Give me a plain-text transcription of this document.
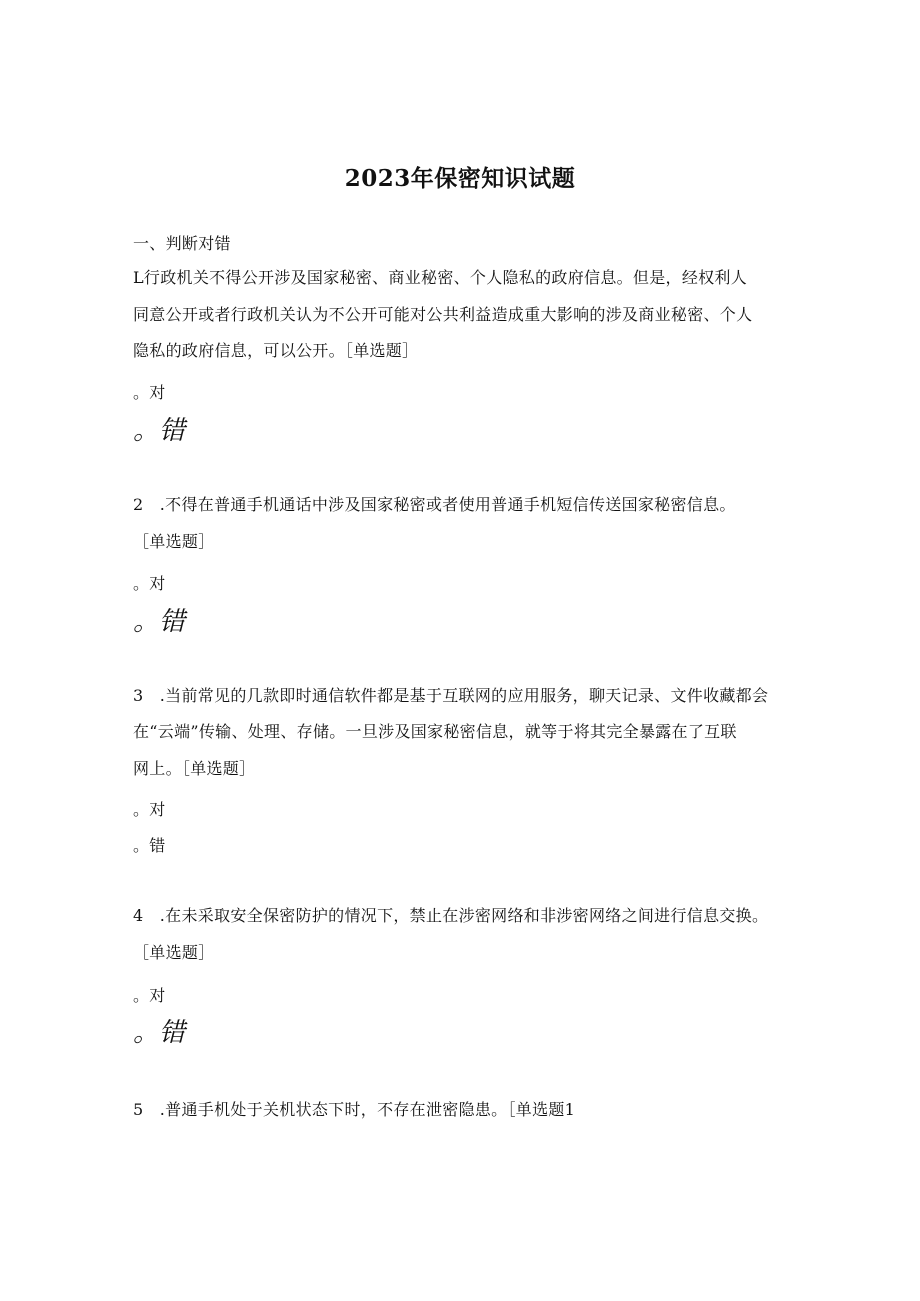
2023年保密知识试题
一、判断对错
L行政机关不得公开涉及国家秘密、商业秘密、个人隐私的政府信息。但是，经权利人
同意公开或者行政机关认为不公开可能对公共利益造成重大影响的涉及商业秘密、个人
隐私的政府信息，可以公开。［单选题］
。对
。错
2　.不得在普通手机通话中涉及国家秘密或者使用普通手机短信传送国家秘密信息。
［单选题］
。对
。错
3　.当前常见的几款即时通信软件都是基于互联网的应用服务，聊天记录、文件收藏都会
在“云端”传输、处理、存储。一旦涉及国家秘密信息，就等于将其完全暴露在了互联
网上。［单选题］
。对
。错
4　.在未采取安全保密防护的情况下，禁止在涉密网络和非涉密网络之间进行信息交换。
［单选题］
。对
。错
5　.普通手机处于关机状态下时，不存在泄密隐患。［单选题1
